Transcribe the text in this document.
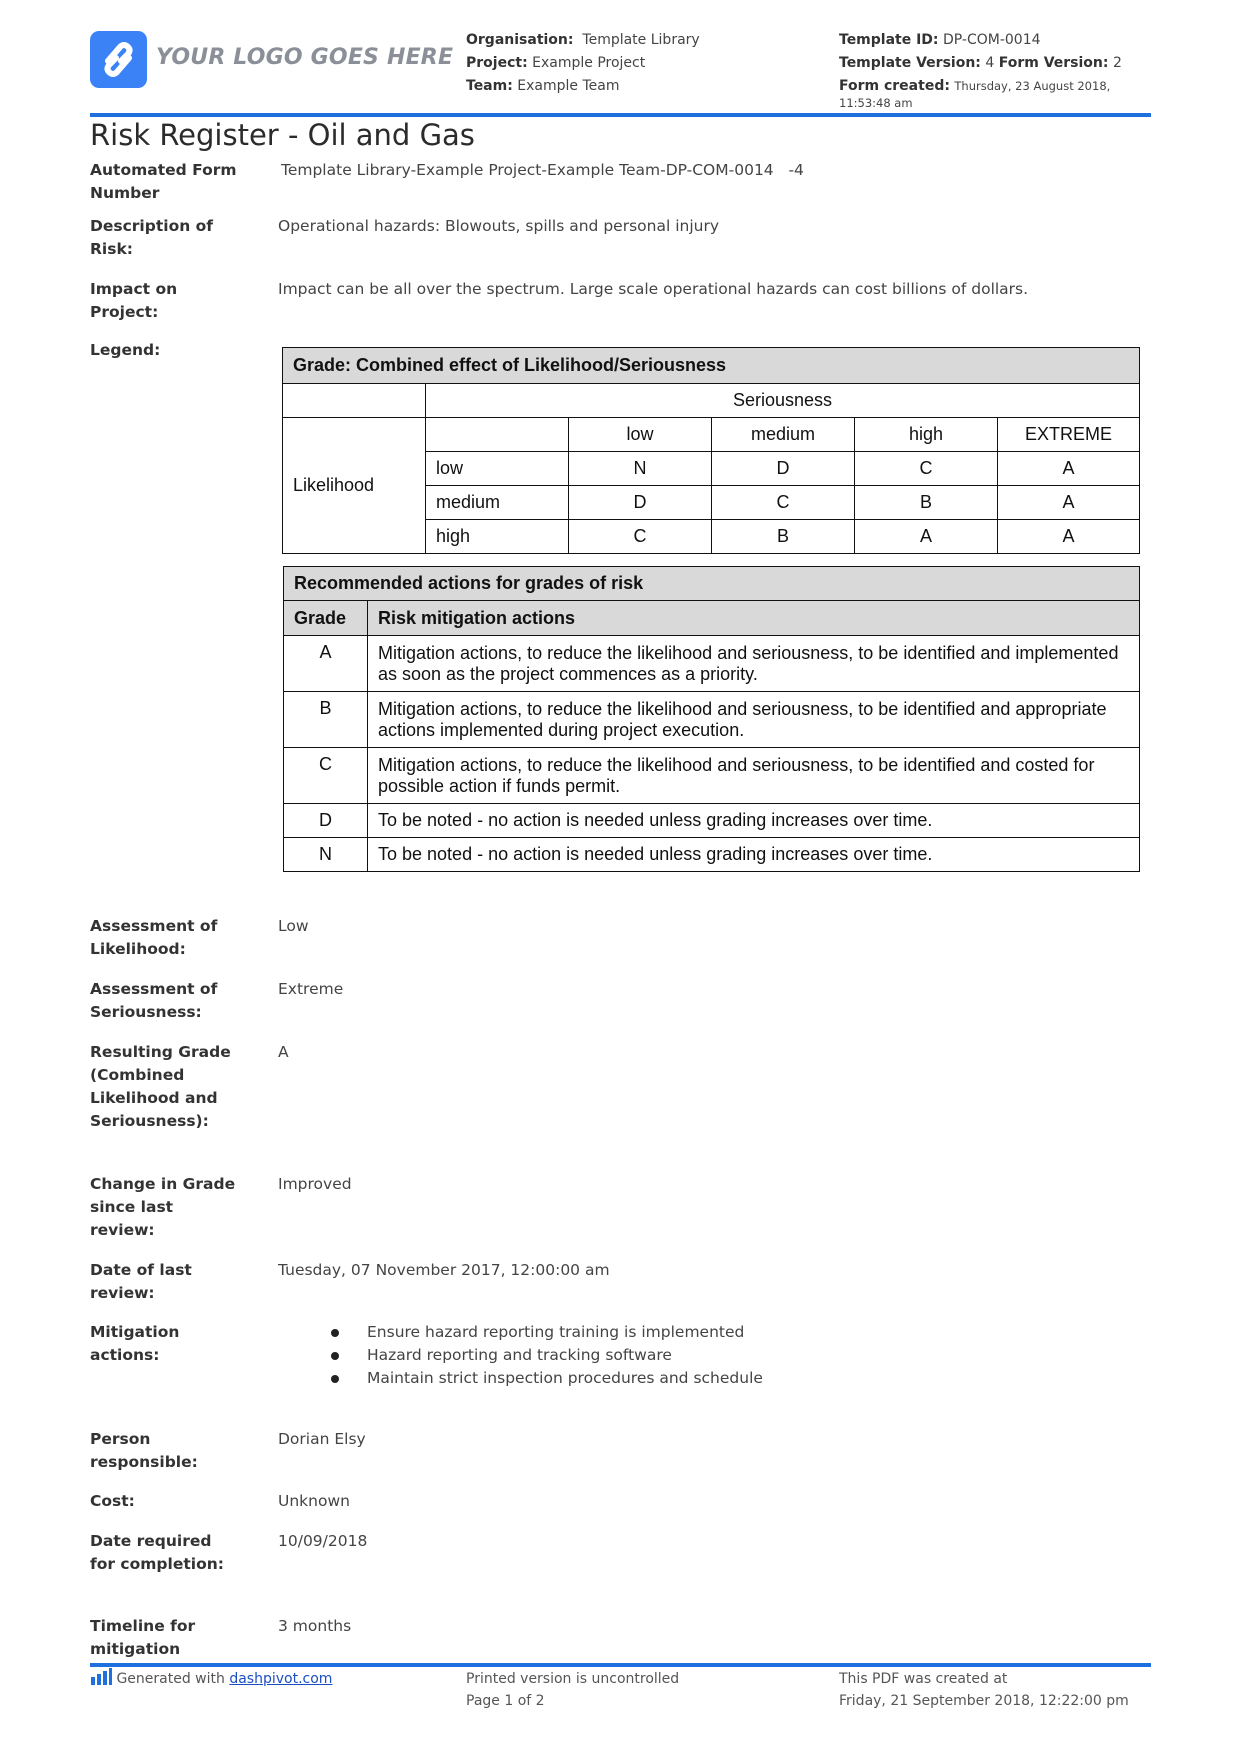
YOUR LOGO GOES HERE
Organisation: Template Library
Project: Example Project
Team: Example Team
Template ID: DP-COM-0014
Template Version: 4 Form Version: 2
Form created: Thursday, 23 August 2018, 11:53:48 am
Risk Register - Oil and Gas
Automated Form Number
Template Library-Example Project-Example Team-DP-COM-0014   -4
Description of Risk:
Operational hazards: Blowouts, spills and personal injury
Impact on Project:
Impact can be all over the spectrum. Large scale operational hazards can cost billions of dollars.
Legend:
Grade: Combined effect of Likelihood/Seriousness					
	Seriousness				
Likelihood		low	medium	high	EXTREME
	low	N	D	C	A
	medium	D	C	B	A
	high	C	B	A	A
Recommended actions for grades of risk	
Grade	Risk mitigation actions
A	Mitigation actions, to reduce the likelihood and seriousness, to be identified and implemented as soon as the project commences as a priority.
B	Mitigation actions, to reduce the likelihood and seriousness, to be identified and appropriate actions implemented during project execution.
C	Mitigation actions, to reduce the likelihood and seriousness, to be identified and costed for possible action if funds permit.
D	To be noted - no action is needed unless grading increases over time.
N	To be noted - no action is needed unless grading increases over time.
Assessment of Likelihood:
Low
Assessment of Seriousness:
Extreme
Resulting Grade (Combined Likelihood and Seriousness):
A
Change in Grade since last review:
Improved
Date of last review:
Tuesday, 07 November 2017, 12:00:00 am
Mitigation actions:
Ensure hazard reporting training is implemented
Hazard reporting and tracking software
Maintain strict inspection procedures and schedule
Person responsible:
Dorian Elsy
Cost:	Unknown
Date required for completion:
10/09/2018
Timeline for mitigation
3 months
Generated with dashpivot.com	Printed version is uncontrolled
Page 1 of 2
This PDF was created at
Friday, 21 September 2018, 12:22:00 pm
